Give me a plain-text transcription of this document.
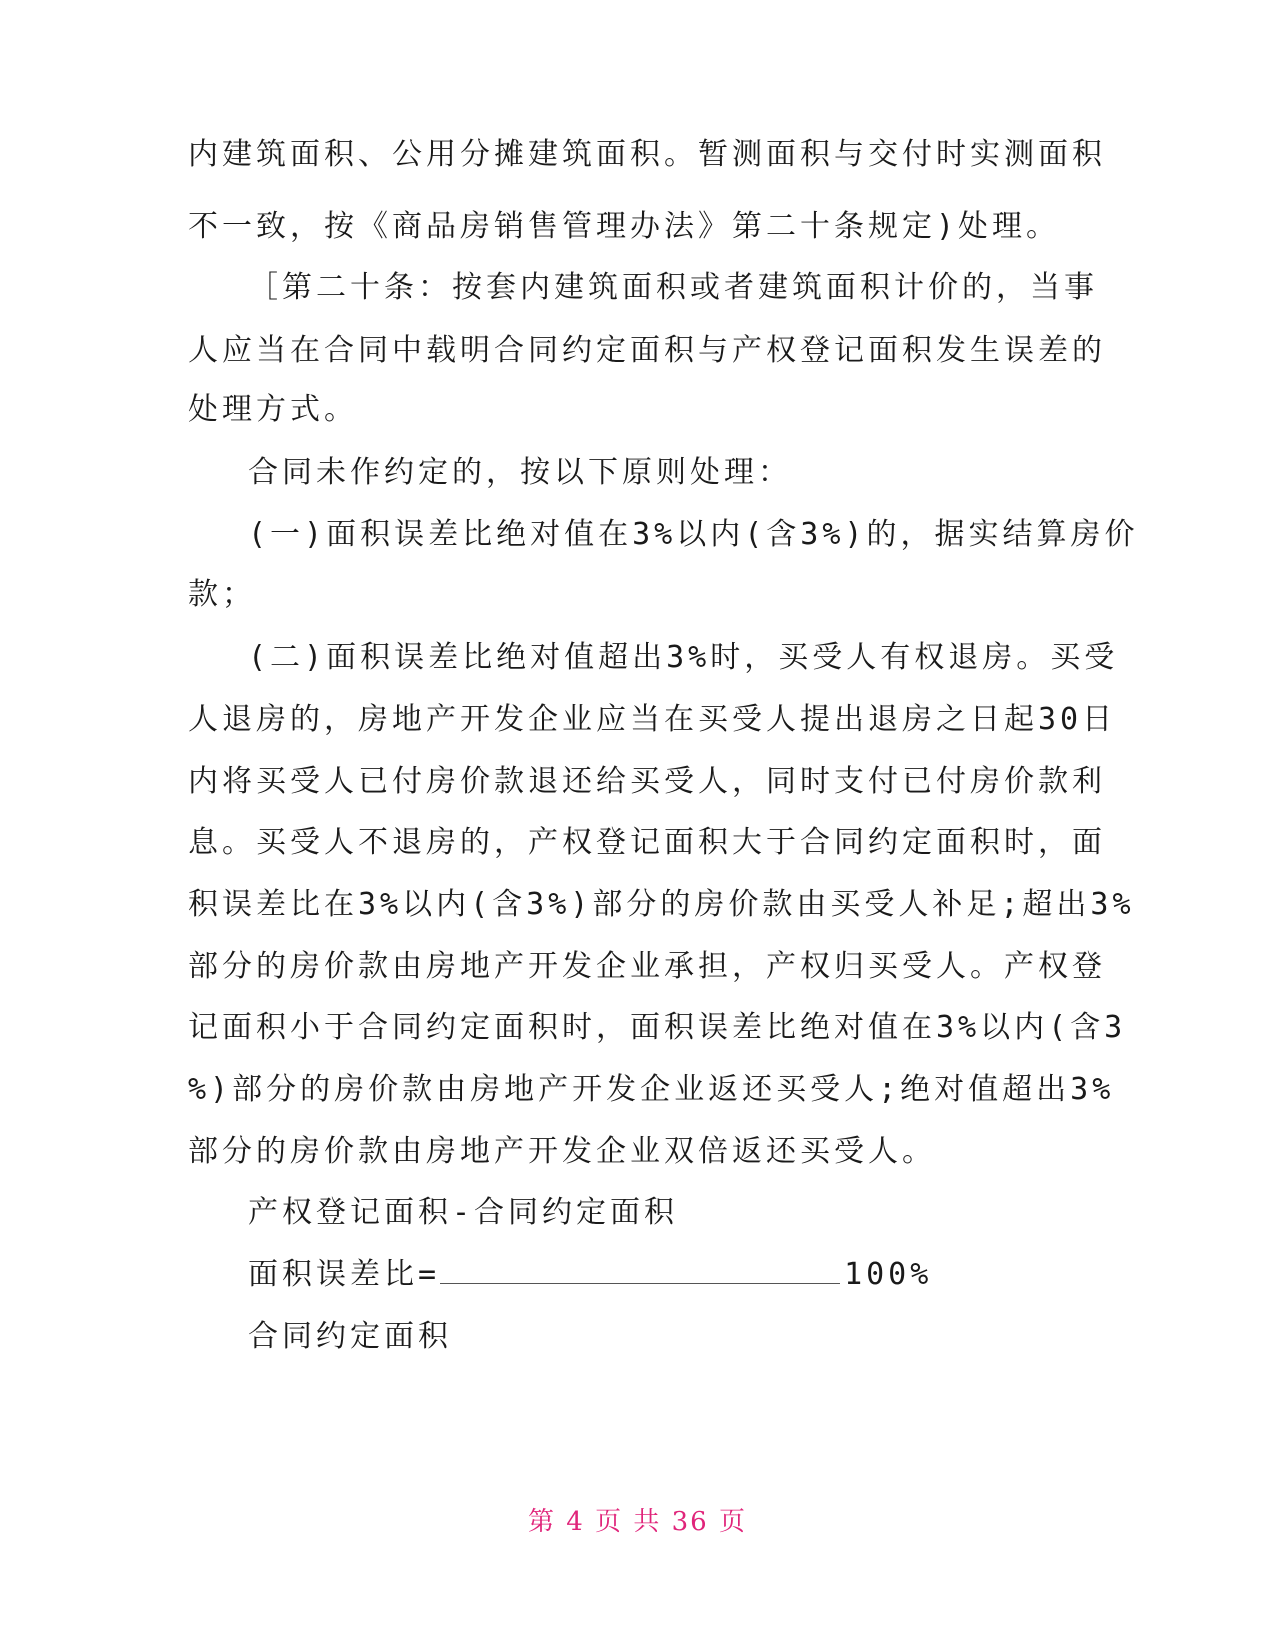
内建筑面积、公用分摊建筑面积。暂测面积与交付时实测面积
不一致，按《商品房销售管理办法》第二十条规定)处理。
［第二十条：按套内建筑面积或者建筑面积计价的，当事
人应当在合同中载明合同约定面积与产权登记面积发生误差的
处理方式。
合同未作约定的，按以下原则处理：
(一)面积误差比绝对值在3%以内(含3%)的，据实结算房价
款；
(二)面积误差比绝对值超出3%时，买受人有权退房。买受
人退房的，房地产开发企业应当在买受人提出退房之日起30日
内将买受人已付房价款退还给买受人，同时支付已付房价款利
息。买受人不退房的，产权登记面积大于合同约定面积时，面
积误差比在3%以内(含3%)部分的房价款由买受人补足;超出3%
部分的房价款由房地产开发企业承担，产权归买受人。产权登
记面积小于合同约定面积时，面积误差比绝对值在3%以内(含3
%)部分的房价款由房地产开发企业返还买受人;绝对值超出3%
部分的房价款由房地产开发企业双倍返还买受人。
产权登记面积-合同约定面积
面积误差比=	100%
合同约定面积
第 4 页 共 36 页
